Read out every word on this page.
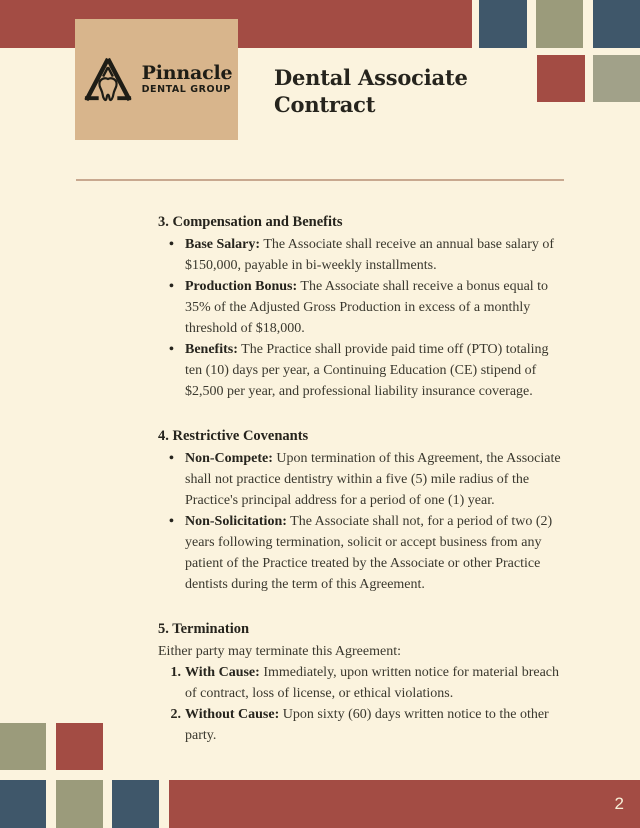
Pinnacle
DENTAL GROUP Dental Associate Contract
3. Compensation and Benefits
• Base Salary: The Associate shall receive an annual base salary of $150,000, payable in bi-weekly installments.
• Production Bonus: The Associate shall receive a bonus equal to 35% of the Adjusted Gross Production in excess of a monthly threshold of $18,000.
• Benefits: The Practice shall provide paid time off (PTO) totaling ten (10) days per year, a Continuing Education (CE) stipend of $2,500 per year, and professional liability insurance coverage.
4. Restrictive Covenants
• Non-Compete: Upon termination of this Agreement, the Associate shall not practice dentistry within a five (5) mile radius of the Practice's principal address for a period of one (1) year.
• Non-Solicitation: The Associate shall not, for a period of two (2) years following termination, solicit or accept business from any patient of the Practice treated by the Associate or other Practice dentists during the term of this Agreement.
5. Termination

Either party may terminate this Agreement:

1. With Cause: Immediately, upon written notice for material breach of contract, loss of license, or ethical violations.
2. Without Cause: Upon sixty (60) days written notice to the other party.
2
